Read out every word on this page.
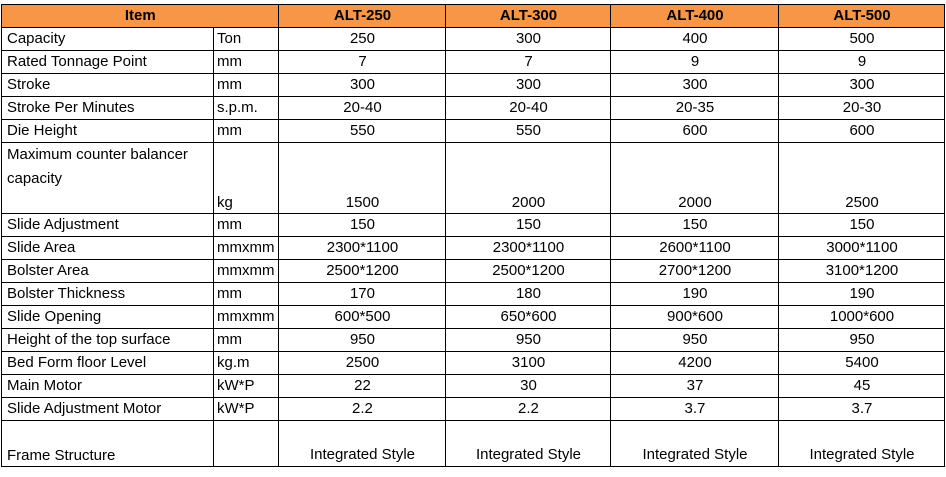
Item		ALT-250	ALT-300	ALT-400	ALT-500
Capacity	Ton	250	300	400	500
Rated Tonnage Point	mm	7	7	9	9
Stroke	mm	300	300	300	300
Stroke Per Minutes	s.p.m.	20-40	20-40	20-35	20-30
Die Height	mm	550	550	600	600
Maximum counter balancer capacity	kg	1500	2000	2000	2500
Slide Adjustment	mm	150	150	150	150
Slide Area	mmxmm	2300*1100	2300*1100	2600*1100	3000*1100
Bolster Area	mmxmm	2500*1200	2500*1200	2700*1200	3100*1200
Bolster Thickness	mm	170	180	190	190
Slide Opening	mmxmm	600*500	650*600	900*600	1000*600
Height of the top surface	mm	950	950	950	950
Bed Form floor Level	kg.m	2500	3100	4200	5400
Main Motor	kW*P	22	30	37	45
Slide Adjustment Motor	kW*P	2.2	2.2	3.7	3.7
Frame Structure		Integrated Style	Integrated Style	Integrated Style	Integrated Style
